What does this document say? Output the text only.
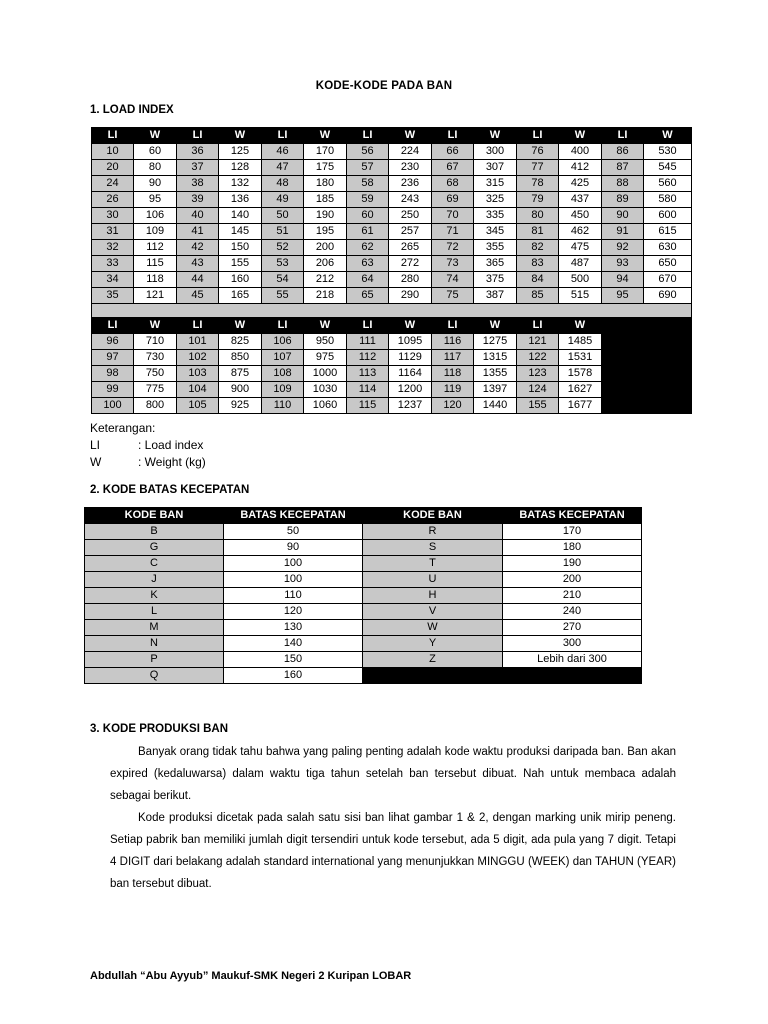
KODE-KODE PADA BAN
1. LOAD INDEX
LI	W	LI	W	LI	W	LI	W	LI	W	LI	W	LI	W
10	60	36	125	46	170	56	224	66	300	76	400	86	530
20	80	37	128	47	175	57	230	67	307	77	412	87	545
24	90	38	132	48	180	58	236	68	315	78	425	88	560
26	95	39	136	49	185	59	243	69	325	79	437	89	580
30	106	40	140	50	190	60	250	70	335	80	450	90	600
31	109	41	145	51	195	61	257	71	345	81	462	91	615
32	112	42	150	52	200	62	265	72	355	82	475	92	630
33	115	43	155	53	206	63	272	73	365	83	487	93	650
34	118	44	160	54	212	64	280	74	375	84	500	94	670
35	121	45	165	55	218	65	290	75	387	85	515	95	690

LI	W	LI	W	LI	W	LI	W	LI	W	LI	W		
96	710	101	825	106	950	111	1095	116	1275	121	1485		
97	730	102	850	107	975	112	1129	117	1315	122	1531		
98	750	103	875	108	1000	113	1164	118	1355	123	1578		
99	775	104	900	109	1030	114	1200	119	1397	124	1627		
100	800	105	925	110	1060	115	1237	120	1440	155	1677		
Keterangan:
LI	: Load index
W	: Weight (kg)
2. KODE BATAS KECEPATAN
KODE BAN	BATAS KECEPATAN	KODE BAN	BATAS KECEPATAN
B	50	R	170
G	90	S	180
C	100	T	190
J	100	U	200
K	110	H	210
L	120	V	240
M	130	W	270
N	140	Y	300
P	150	Z	Lebih dari 300
Q	160		
3. KODE PRODUKSI BAN
Banyak orang tidak tahu bahwa yang paling penting adalah kode waktu produksi daripada ban. Ban akan expired (kedaluwarsa) dalam waktu tiga tahun setelah ban tersebut dibuat. Nah untuk membaca adalah sebagai berikut.
Kode produksi dicetak pada salah satu sisi ban lihat gambar 1 & 2, dengan marking unik mirip peneng. Setiap pabrik ban memiliki jumlah digit tersendiri untuk kode tersebut, ada 5 digit, ada pula yang 7 digit. Tetapi 4 DIGIT dari belakang adalah standard international yang menunjukkan MINGGU (WEEK) dan TAHUN (YEAR) ban tersebut dibuat.
Abdullah “Abu Ayyub” Maukuf-SMK Negeri 2 Kuripan LOBAR
